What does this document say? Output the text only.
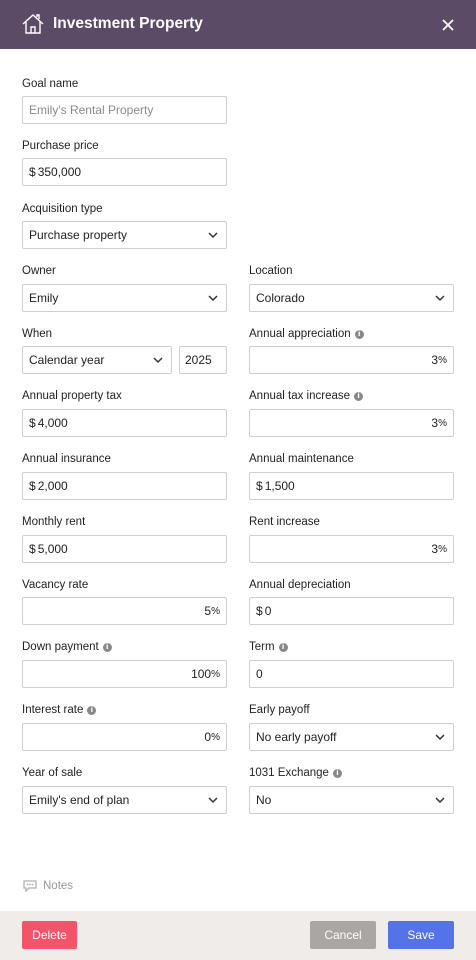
Investment Property
Goal name
Emily's Rental Property
Purchase price
$ 350,000
Acquisition type
Purchase property
Owner
Emily
Location
Colorado
When
Calendar year	2025
Annual appreciation	i
3 %
Annual property tax
$ 4,000
Annual tax increase	i
3 %
Annual insurance
$ 2,000
Annual maintenance
$ 1,500
Monthly rent
$ 5,000
Rent increase
3 %
Vacancy rate
5 %
Annual depreciation
$ 0
Down payment	i
100 %
Term	i
0
Interest rate	i
0 %
Early payoff
No early payoff
Year of sale
Emily's end of plan
1031 Exchange	i
No
Notes
Delete	Cancel	Save
